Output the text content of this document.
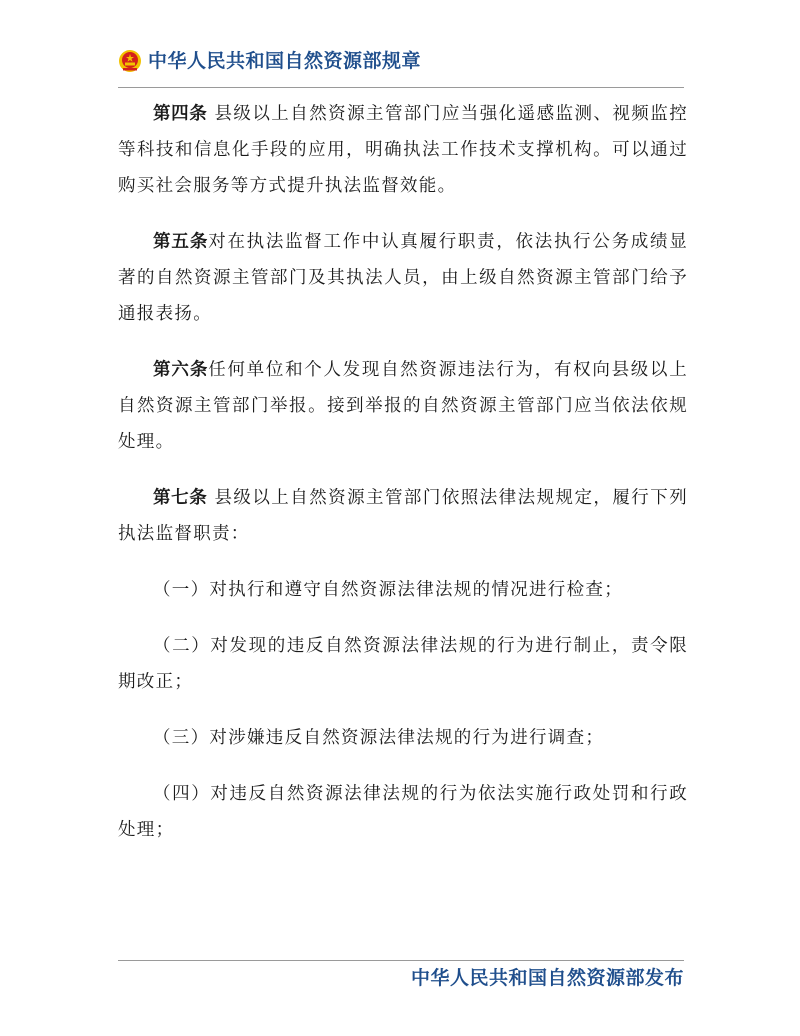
中华人民共和国自然资源部规章
第四条 县级以上自然资源主管部门应当强化遥感监测、视频监控等科技和信息化手段的应用，明确执法工作技术支撑机构。可以通过购买社会服务等方式提升执法监督效能。
第五条对在执法监督工作中认真履行职责，依法执行公务成绩显著的自然资源主管部门及其执法人员，由上级自然资源主管部门给予通报表扬。
第六条任何单位和个人发现自然资源违法行为，有权向县级以上自然资源主管部门举报。接到举报的自然资源主管部门应当依法依规处理。
第七条 县级以上自然资源主管部门依照法律法规规定，履行下列执法监督职责：
（一）对执行和遵守自然资源法律法规的情况进行检查；
（二）对发现的违反自然资源法律法规的行为进行制止，责令限期改正；
（三）对涉嫌违反自然资源法律法规的行为进行调查；
（四）对违反自然资源法律法规的行为依法实施行政处罚和行政处理；
中华人民共和国自然资源部发布
